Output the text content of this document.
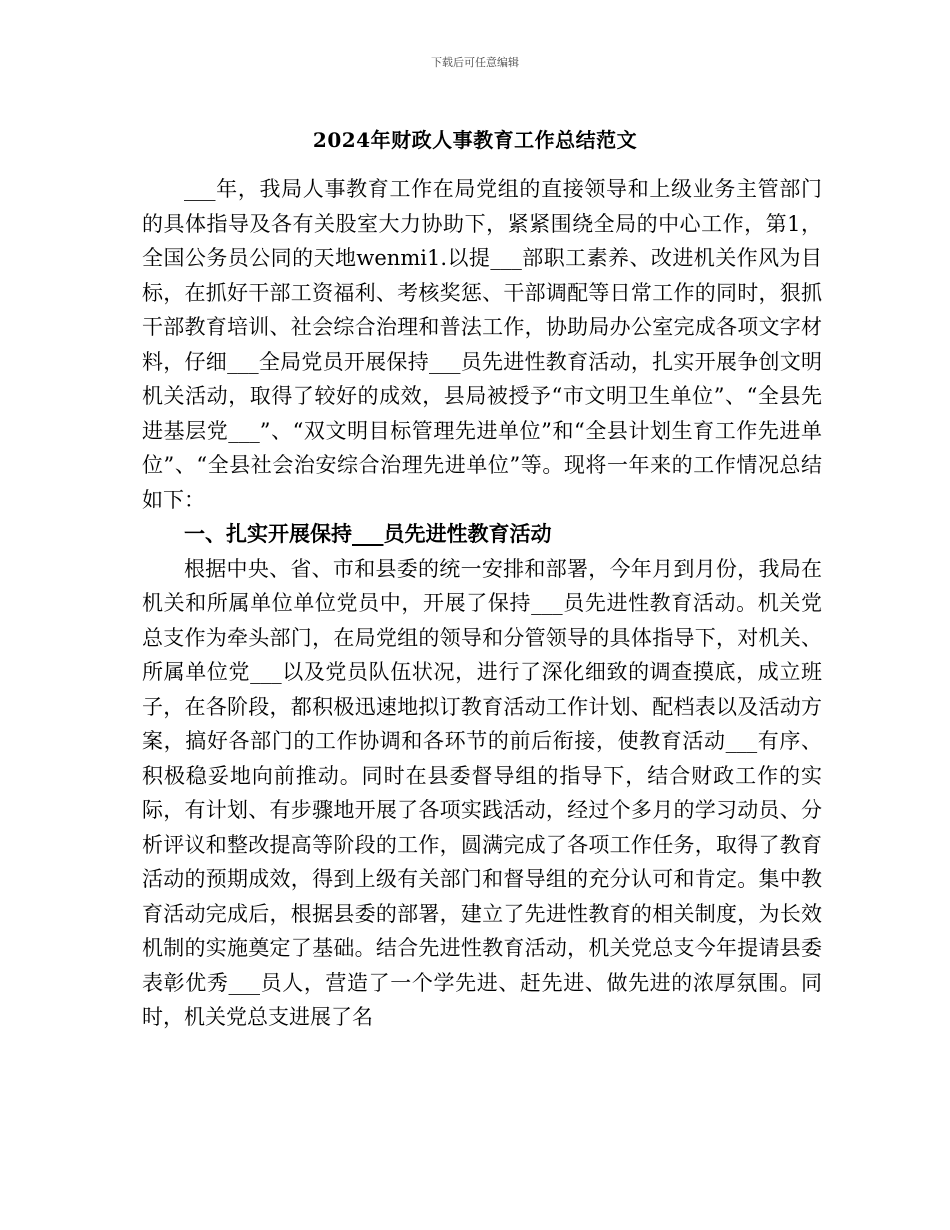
下载后可任意编辑
2024年财政人事教育工作总结范文

___年，我局人事教育工作在局党组的直接领导和上级业务主管部门的具体指导及各有关股室大力协助下，紧紧围绕全局的中心工作，第1，全国公务员公同的天地wenmi1.以提___部职工素养、改进机关作风为目标，在抓好干部工资福利、考核奖惩、干部调配等日常工作的同时，狠抓干部教育培训、社会综合治理和普法工作，协助局办公室完成各项文字材料，仔细___全局党员开展保持___员先进性教育活动，扎实开展争创文明机关活动，取得了较好的成效，县局被授予“市文明卫生单位”、“全县先进基层党___”、“双文明目标管理先进单位”和“全县计划生育工作先进单位”、“全县社会治安综合治理先进单位”等。现将一年来的工作情况总结如下：

一、扎实开展保持___员先进性教育活动

根据中央、省、市和县委的统一安排和部署，今年月到月份，我局在机关和所属单位单位党员中，开展了保持___员先进性教育活动。机关党总支作为牵头部门，在局党组的领导和分管领导的具体指导下，对机关、所属单位党___以及党员队伍状况，进行了深化细致的调查摸底，成立班子，在各阶段，都积极迅速地拟订教育活动工作计划、配档表以及活动方案，搞好各部门的工作协调和各环节的前后衔接，使教育活动___有序、积极稳妥地向前推动。同时在县委督导组的指导下，结合财政工作的实际，有计划、有步骤地开展了各项实践活动，经过个多月的学习动员、分析评议和整改提高等阶段的工作，圆满完成了各项工作任务，取得了教育活动的预期成效，得到上级有关部门和督导组的充分认可和肯定。集中教育活动完成后，根据县委的部署，建立了先进性教育的相关制度，为长效机制的实施奠定了基础。结合先进性教育活动，机关党总支今年提请县委表彰优秀___员人，营造了一个学先进、赶先进、做先进的浓厚氛围。同时，机关党总支进展了名
